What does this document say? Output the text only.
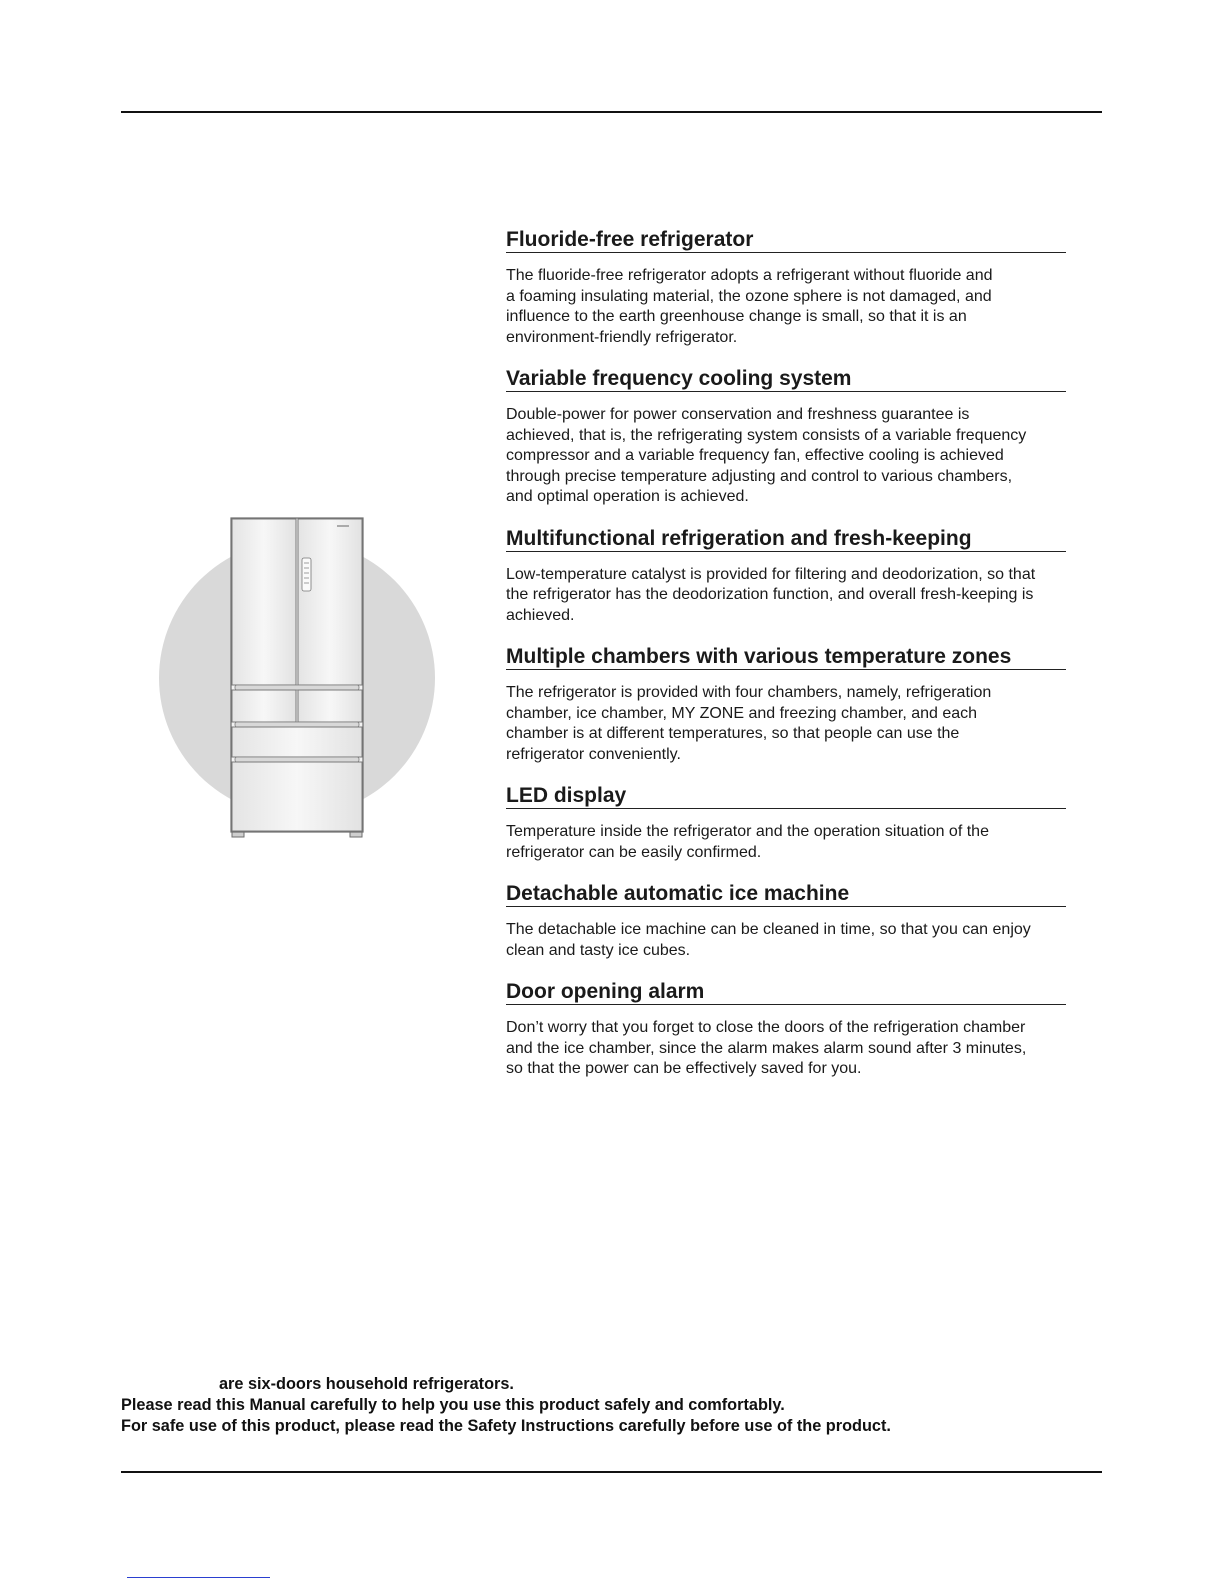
Fluoride-free refrigerator

The fluoride-free refrigerator adopts a refrigerant without fluoride and
a foaming insulating material, the ozone sphere is not damaged, and
influence to the earth greenhouse change is small, so that it is an
environment-friendly refrigerator.

Variable frequency cooling system

Double-power for power conservation and freshness guarantee is
achieved, that is, the refrigerating system consists of a variable frequency
compressor and a variable frequency fan, effective cooling is achieved
through precise temperature adjusting and control to various chambers,
and optimal operation is achieved.

Multifunctional refrigeration and fresh-keeping

Low-temperature catalyst is provided for filtering and deodorization, so that
the refrigerator has the deodorization function, and overall fresh-keeping is
achieved.

Multiple chambers with various temperature zones

The refrigerator is provided with four chambers, namely, refrigeration
chamber, ice chamber, MY ZONE and freezing chamber, and each
chamber is at different temperatures, so that people can use the
refrigerator conveniently.

LED display

Temperature inside the refrigerator and the operation situation of the
refrigerator can be easily confirmed.

Detachable automatic ice machine

The detachable ice machine can be cleaned in time, so that you can enjoy
clean and tasty ice cubes.

Door opening alarm

Don’t worry that you forget to close the doors of the refrigeration chamber
and the ice chamber, since the alarm makes alarm sound after 3 minutes,
so that the power can be effectively saved for you.

are six-doors household refrigerators.
Please read this Manual carefully to help you use this product safely and comfortably.
For safe use of this product, please read the Safety Instructions carefully before use of the product.
